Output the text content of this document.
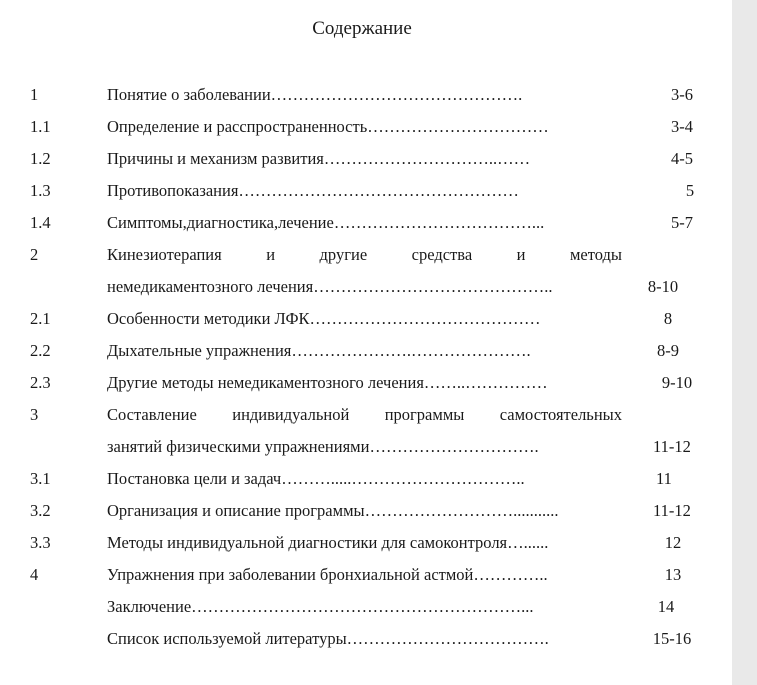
Содержание
1	Понятие о заболевании……………………………………….	3-6
1.1	Определение и расспространенность……………………………	3-4
1.2	Причины и механизм развития…………………………..……	4-5
1.3	Противопоказания……………………………………………	5
1.4	Симптомы,диагностика,лечение………………………………...	5-7
2	Кинезиотерапия и другие средства и методы
немедикаментозного лечения……………………………………..	8-10
2.1	Особенности методики ЛФК……………………………………	8
2.2	Дыхательные упражнения………………….………………….	8-9
2.3	Другие методы немедикаментозного лечения……..……………	9-10
3	Составление индивидуальной программы самостоятельных
занятий физическими упражнениями………………………….	11-12
3.1	Постановка цели и задач……….....…………………………..	11
3.2	Организация и описание программы………………………...........	11-12
3.3	Методы индивидуальной диагностики для самоконтроля…......	12
4	Упражнения при заболевании бронхиальной астмой…………..	13
Заключение……………………………………………………...	14
Список используемой литературы……………………………….	15-16
